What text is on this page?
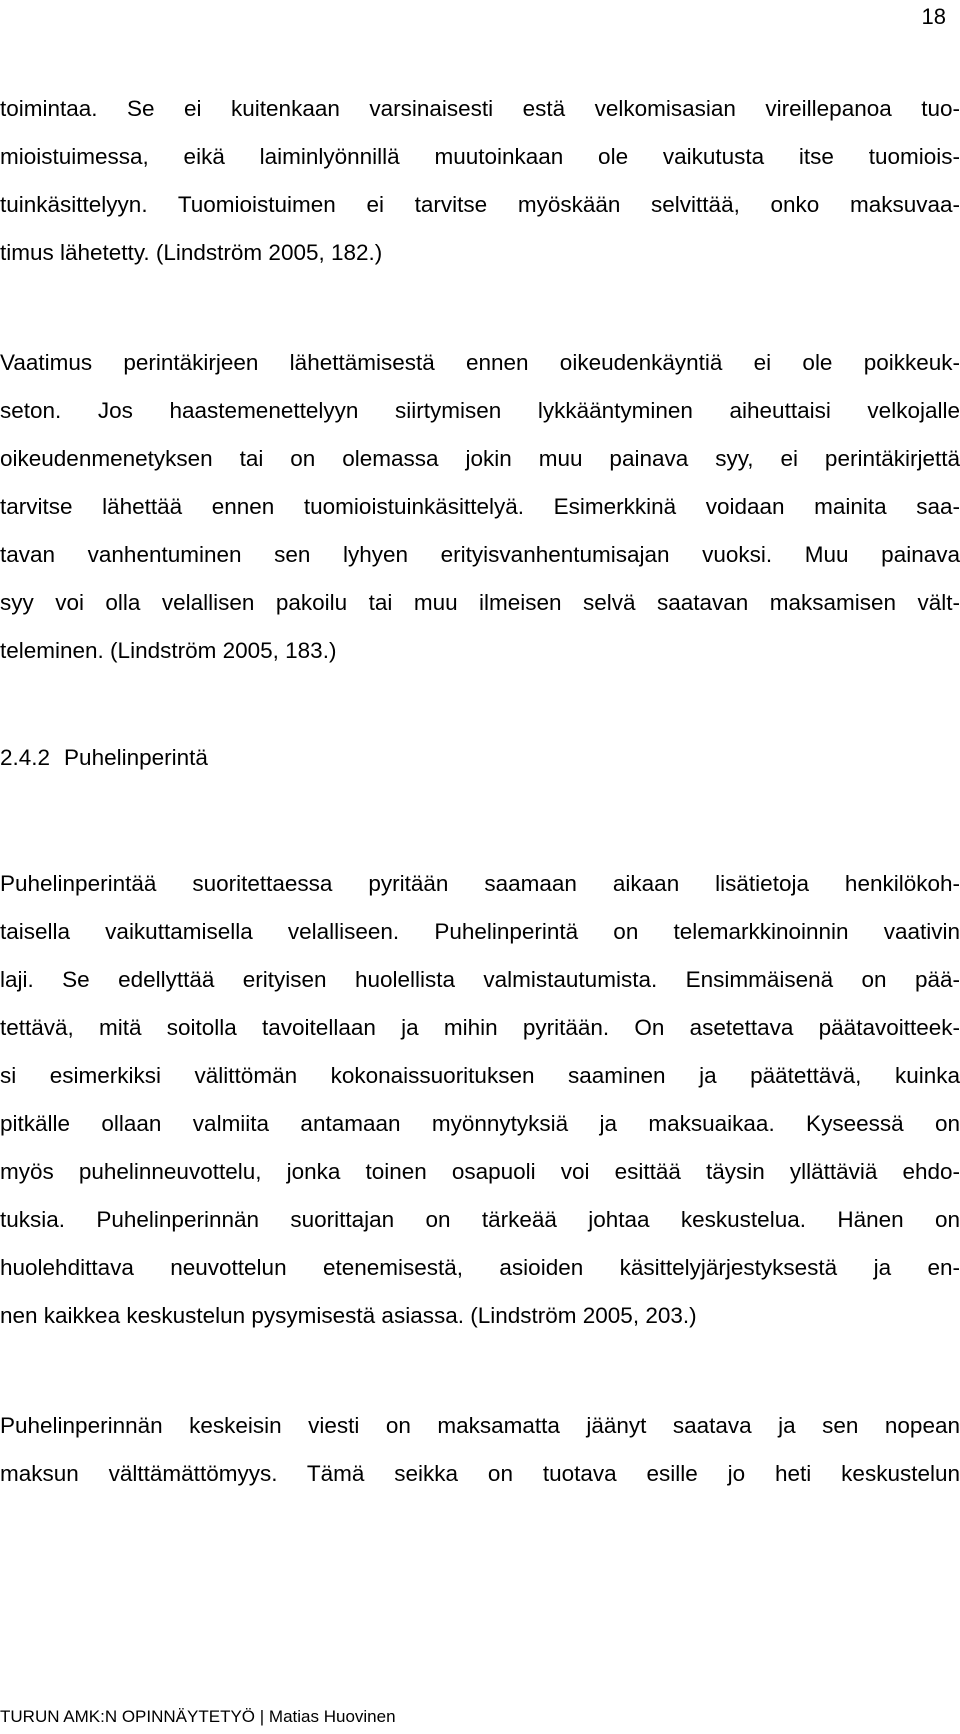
18
toimintaa. Se ei kuitenkaan varsinaisesti estä velkomisasian vireillepanoa tuo-
mioistuimessa, eikä laiminlyönnillä muutoinkaan ole vaikutusta itse tuomiois-
tuinkäsittelyyn. Tuomioistuimen ei tarvitse myöskään selvittää, onko maksuvaa-
timus lähetetty. (Lindström 2005, 182.)
Vaatimus perintäkirjeen lähettämisestä ennen oikeudenkäyntiä ei ole poikkeuk-
seton. Jos haastemenettelyyn siirtymisen lykkääntyminen aiheuttaisi velkojalle
oikeudenmenetyksen tai on olemassa jokin muu painava syy, ei perintäkirjettä
tarvitse lähettää ennen tuomioistuinkäsittelyä. Esimerkkinä voidaan mainita saa-
tavan vanhentuminen sen lyhyen erityisvanhentumisajan vuoksi. Muu painava
syy voi olla velallisen pakoilu tai muu ilmeisen selvä saatavan maksamisen vält-
teleminen. (Lindström 2005, 183.)
2.4.2 Puhelinperintä
Puhelinperintää suoritettaessa pyritään saamaan aikaan lisätietoja henkilökoh-
taisella vaikuttamisella velalliseen. Puhelinperintä on telemarkkinoinnin vaativin
laji. Se edellyttää erityisen huolellista valmistautumista. Ensimmäisenä on pää-
tettävä, mitä soitolla tavoitellaan ja mihin pyritään. On asetettava päätavoitteek-
si esimerkiksi välittömän kokonaissuorituksen saaminen ja päätettävä, kuinka
pitkälle ollaan valmiita antamaan myönnytyksiä ja maksuaikaa. Kyseessä on
myös puhelinneuvottelu, jonka toinen osapuoli voi esittää täysin yllättäviä ehdo-
tuksia. Puhelinperinnän suorittajan on tärkeää johtaa keskustelua. Hänen on
huolehdittava neuvottelun etenemisestä, asioiden käsittelyjärjestyksestä ja en-
nen kaikkea keskustelun pysymisestä asiassa. (Lindström 2005, 203.)
Puhelinperinnän keskeisin viesti on maksamatta jäänyt saatava ja sen nopean
maksun välttämättömyys. Tämä seikka on tuotava esille jo heti keskustelun
TURUN AMK:N OPINNÄYTETYÖ | Matias Huovinen
